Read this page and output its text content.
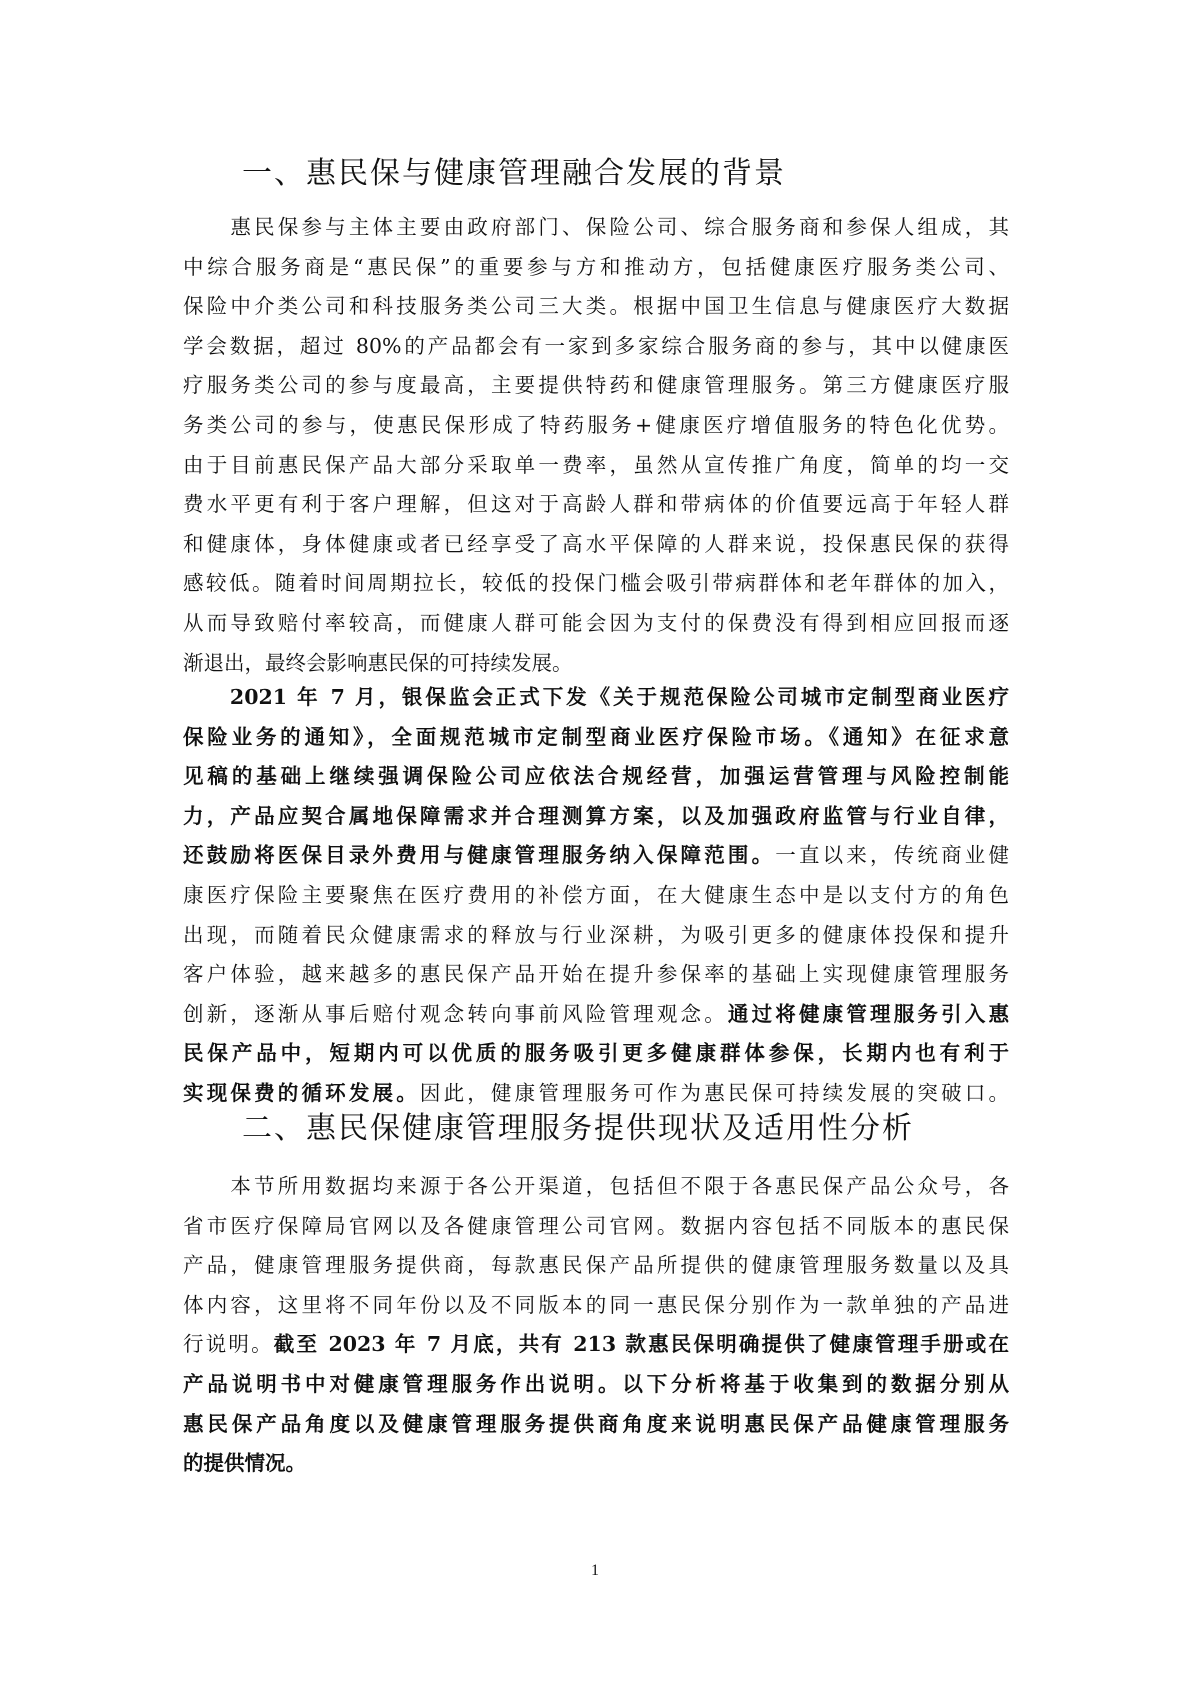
一、惠民保与健康管理融合发展的背景
　　惠民保参与主体主要由政府部门、保险公司、综合服务商和参保人组成，其
中综合服务商是“惠民保”的重要参与方和推动方，包括健康医疗服务类公司、
保险中介类公司和科技服务类公司三大类。根据中国卫生信息与健康医疗大数据
学会数据，超过 80%的产品都会有一家到多家综合服务商的参与，其中以健康医
疗服务类公司的参与度最高，主要提供特药和健康管理服务。第三方健康医疗服
务类公司的参与，使惠民保形成了特药服务+健康医疗增值服务的特色化优势。
由于目前惠民保产品大部分采取单一费率，虽然从宣传推广角度，简单的均一交
费水平更有利于客户理解，但这对于高龄人群和带病体的价值要远高于年轻人群
和健康体，身体健康或者已经享受了高水平保障的人群来说，投保惠民保的获得
感较低。随着时间周期拉长，较低的投保门槛会吸引带病群体和老年群体的加入，
从而导致赔付率较高，而健康人群可能会因为支付的保费没有得到相应回报而逐
渐退出，最终会影响惠民保的可持续发展。
　　2021 年 7 月，银保监会正式下发《关于规范保险公司城市定制型商业医疗
保险业务的通知》，全面规范城市定制型商业医疗保险市场。《通知》在征求意
见稿的基础上继续强调保险公司应依法合规经营，加强运营管理与风险控制能
力，产品应契合属地保障需求并合理测算方案，以及加强政府监管与行业自律，
还鼓励将医保目录外费用与健康管理服务纳入保障范围。一直以来，传统商业健
康医疗保险主要聚焦在医疗费用的补偿方面，在大健康生态中是以支付方的角色
出现，而随着民众健康需求的释放与行业深耕，为吸引更多的健康体投保和提升
客户体验，越来越多的惠民保产品开始在提升参保率的基础上实现健康管理服务
创新，逐渐从事后赔付观念转向事前风险管理观念。通过将健康管理服务引入惠
民保产品中，短期内可以优质的服务吸引更多健康群体参保，长期内也有利于
实现保费的循环发展。因此，健康管理服务可作为惠民保可持续发展的突破口。
二、惠民保健康管理服务提供现状及适用性分析
　　本节所用数据均来源于各公开渠道，包括但不限于各惠民保产品公众号，各
省市医疗保障局官网以及各健康管理公司官网。数据内容包括不同版本的惠民保
产品，健康管理服务提供商，每款惠民保产品所提供的健康管理服务数量以及具
体内容，这里将不同年份以及不同版本的同一惠民保分别作为一款单独的产品进
行说明。截至 2023 年 7 月底，共有 213 款惠民保明确提供了健康管理手册或在
产品说明书中对健康管理服务作出说明。以下分析将基于收集到的数据分别从
惠民保产品角度以及健康管理服务提供商角度来说明惠民保产品健康管理服务
的提供情况。
1
